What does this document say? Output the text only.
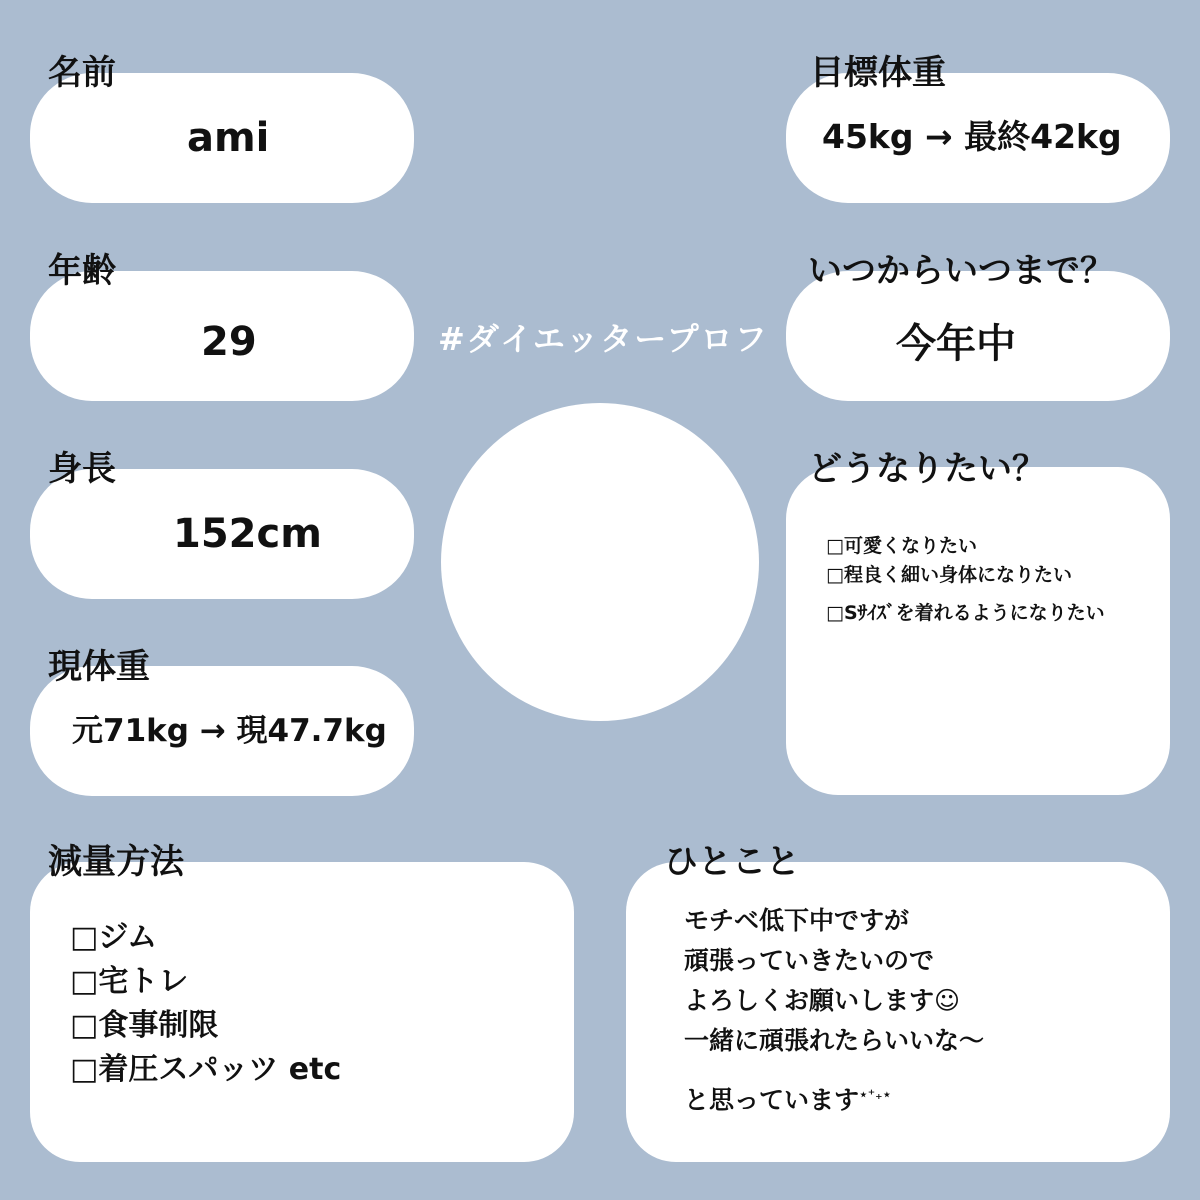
#ダイエッタープロフ
名前
ami
年齢
29
身長
152cm
現体重
元71kg → 現47.7kg
目標体重
45kg → 最終42kg
いつからいつまで？
今年中
どうなりたい？
□可愛くなりたい
□程良く細い身体になりたい
□Sｻｲｽﾞを着れるようになりたい
減量方法
□ジム
□宅トレ
□食事制限
□着圧スパッツ etc
ひとこと
モチベ低下中ですが
頑張っていきたいので
よろしくお願いします☺
一緒に頑張れたらいいな～
と思っています⋆⁺₊⋆
